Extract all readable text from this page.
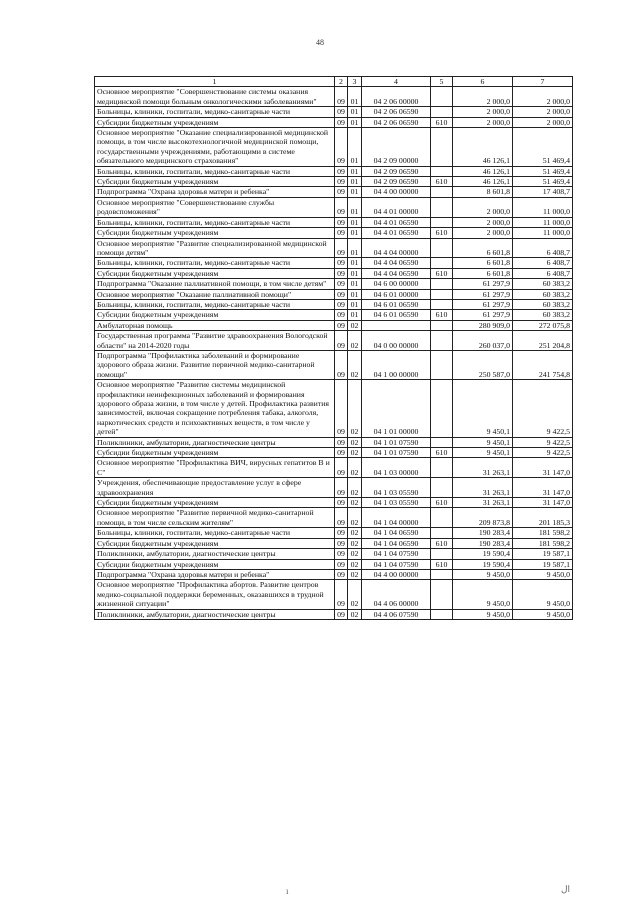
48
1	2	3	4	5	6	7
Основное мероприятие "Совершенствование системы оказания медицинской помощи больным онкологическими заболеваниями"	09	01	04 2 06 00000		2 000,0	2 000,0
Больницы, клиники, госпитали, медико-санитарные части	09	01	04 2 06 06590		2 000,0	2 000,0
Субсидии бюджетным учреждениям	09	01	04 2 06 06590	610	2 000,0	2 000,0
Основное мероприятие "Оказание специализированной медицинской помощи, в том числе высокотехнологичной медицинской помощи, государственными учреждениями, работающими в системе обязательного медицинского страхования"	09	01	04 2 09 00000		46 126,1	51 469,4
Больницы, клиники, госпитали, медико-санитарные части	09	01	04 2 09 06590		46 126,1	51 469,4
Субсидии бюджетным учреждениям	09	01	04 2 09 06590	610	46 126,1	51 469,4
Подпрограмма "Охрана здоровья матери и ребенка"	09	01	04 4 00 00000		8 601,8	17 408,7
Основное мероприятие "Совершенствование службы родовспоможения"	09	01	04 4 01 00000		2 000,0	11 000,0
Больницы, клиники, госпитали, медико-санитарные части	09	01	04 4 01 06590		2 000,0	11 000,0
Субсидии бюджетным учреждениям	09	01	04 4 01 06590	610	2 000,0	11 000,0
Основное мероприятие "Развитие специализированной медицинской помощи детям"	09	01	04 4 04 00000		6 601,8	6 408,7
Больницы, клиники, госпитали, медико-санитарные части	09	01	04 4 04 06590		6 601,8	6 408,7
Субсидии бюджетным учреждениям	09	01	04 4 04 06590	610	6 601,8	6 408,7
Подпрограмма "Оказание паллиативной помощи, в том числе детям"	09	01	04 6 00 00000		61 297,9	60 383,2
Основное мероприятие "Оказание паллиативной помощи"	09	01	04 6 01 00000		61 297,9	60 383,2
Больницы, клиники, госпитали, медико-санитарные части	09	01	04 6 01 06590		61 297,9	60 383,2
Субсидии бюджетным учреждениям	09	01	04 6 01 06590	610	61 297,9	60 383,2
Амбулаторная помощь	09	02			280 909,0	272 075,8
Государственная программа "Развитие здравоохранения Вологодской области" на 2014-2020 годы	09	02	04 0 00 00000		260 037,0	251 204,8
Подпрограмма "Профилактика заболеваний и формирование здорового образа жизни. Развитие первичной медико-санитарной помощи"	09	02	04 1 00 00000		250 587,0	241 754,8
Основное мероприятие "Развитие системы медицинской профилактики неинфекционных заболеваний и формирования здорового образа жизни, в том числе у детей. Профилактика развития зависимостей, включая сокращение потребления табака, алкоголя, наркотических средств и психоактивных веществ, в том числе у детей"	09	02	04 1 01 00000		9 450,1	9 422,5
Поликлиники, амбулатории, диагностические центры	09	02	04 1 01 07590		9 450,1	9 422,5
Субсидии бюджетным учреждениям	09	02	04 1 01 07590	610	9 450,1	9 422,5
Основное мероприятие "Профилактика ВИЧ, вирусных гепатитов В и С"	09	02	04 1 03 00000		31 263,1	31 147,0
Учреждения, обеспечивающие предоставление услуг в сфере здравоохранения	09	02	04 1 03 05590		31 263,1	31 147,0
Субсидии бюджетным учреждениям	09	02	04 1 03 05590	610	31 263,1	31 147,0
Основное мероприятие "Развитие первичной медико-санитарной помощи, в том числе сельским жителям"	09	02	04 1 04 00000		209 873,8	201 185,3
Больницы, клиники, госпитали, медико-санитарные части	09	02	04 1 04 06590		190 283,4	181 598,2
Субсидии бюджетным учреждениям	09	02	04 1 04 06590	610	190 283,4	181 598,2
Поликлиники, амбулатории, диагностические центры	09	02	04 1 04 07590		19 590,4	19 587,1
Субсидии бюджетным учреждениям	09	02	04 1 04 07590	610	19 590,4	19 587,1
Подпрограмма "Охрана здоровья матери и ребенка"	09	02	04 4 00 00000		9 450,0	9 450,0
Основное мероприятие "Профилактика абортов. Развитие центров медико-социальной поддержки беременных, оказавшихся в трудной жизненной ситуации"	09	02	04 4 06 00000		9 450,0	9 450,0
Поликлиники, амбулатории, диагностические центры	09	02	04 4 06 07590		9 450,0	9 450,0
ı	ال
